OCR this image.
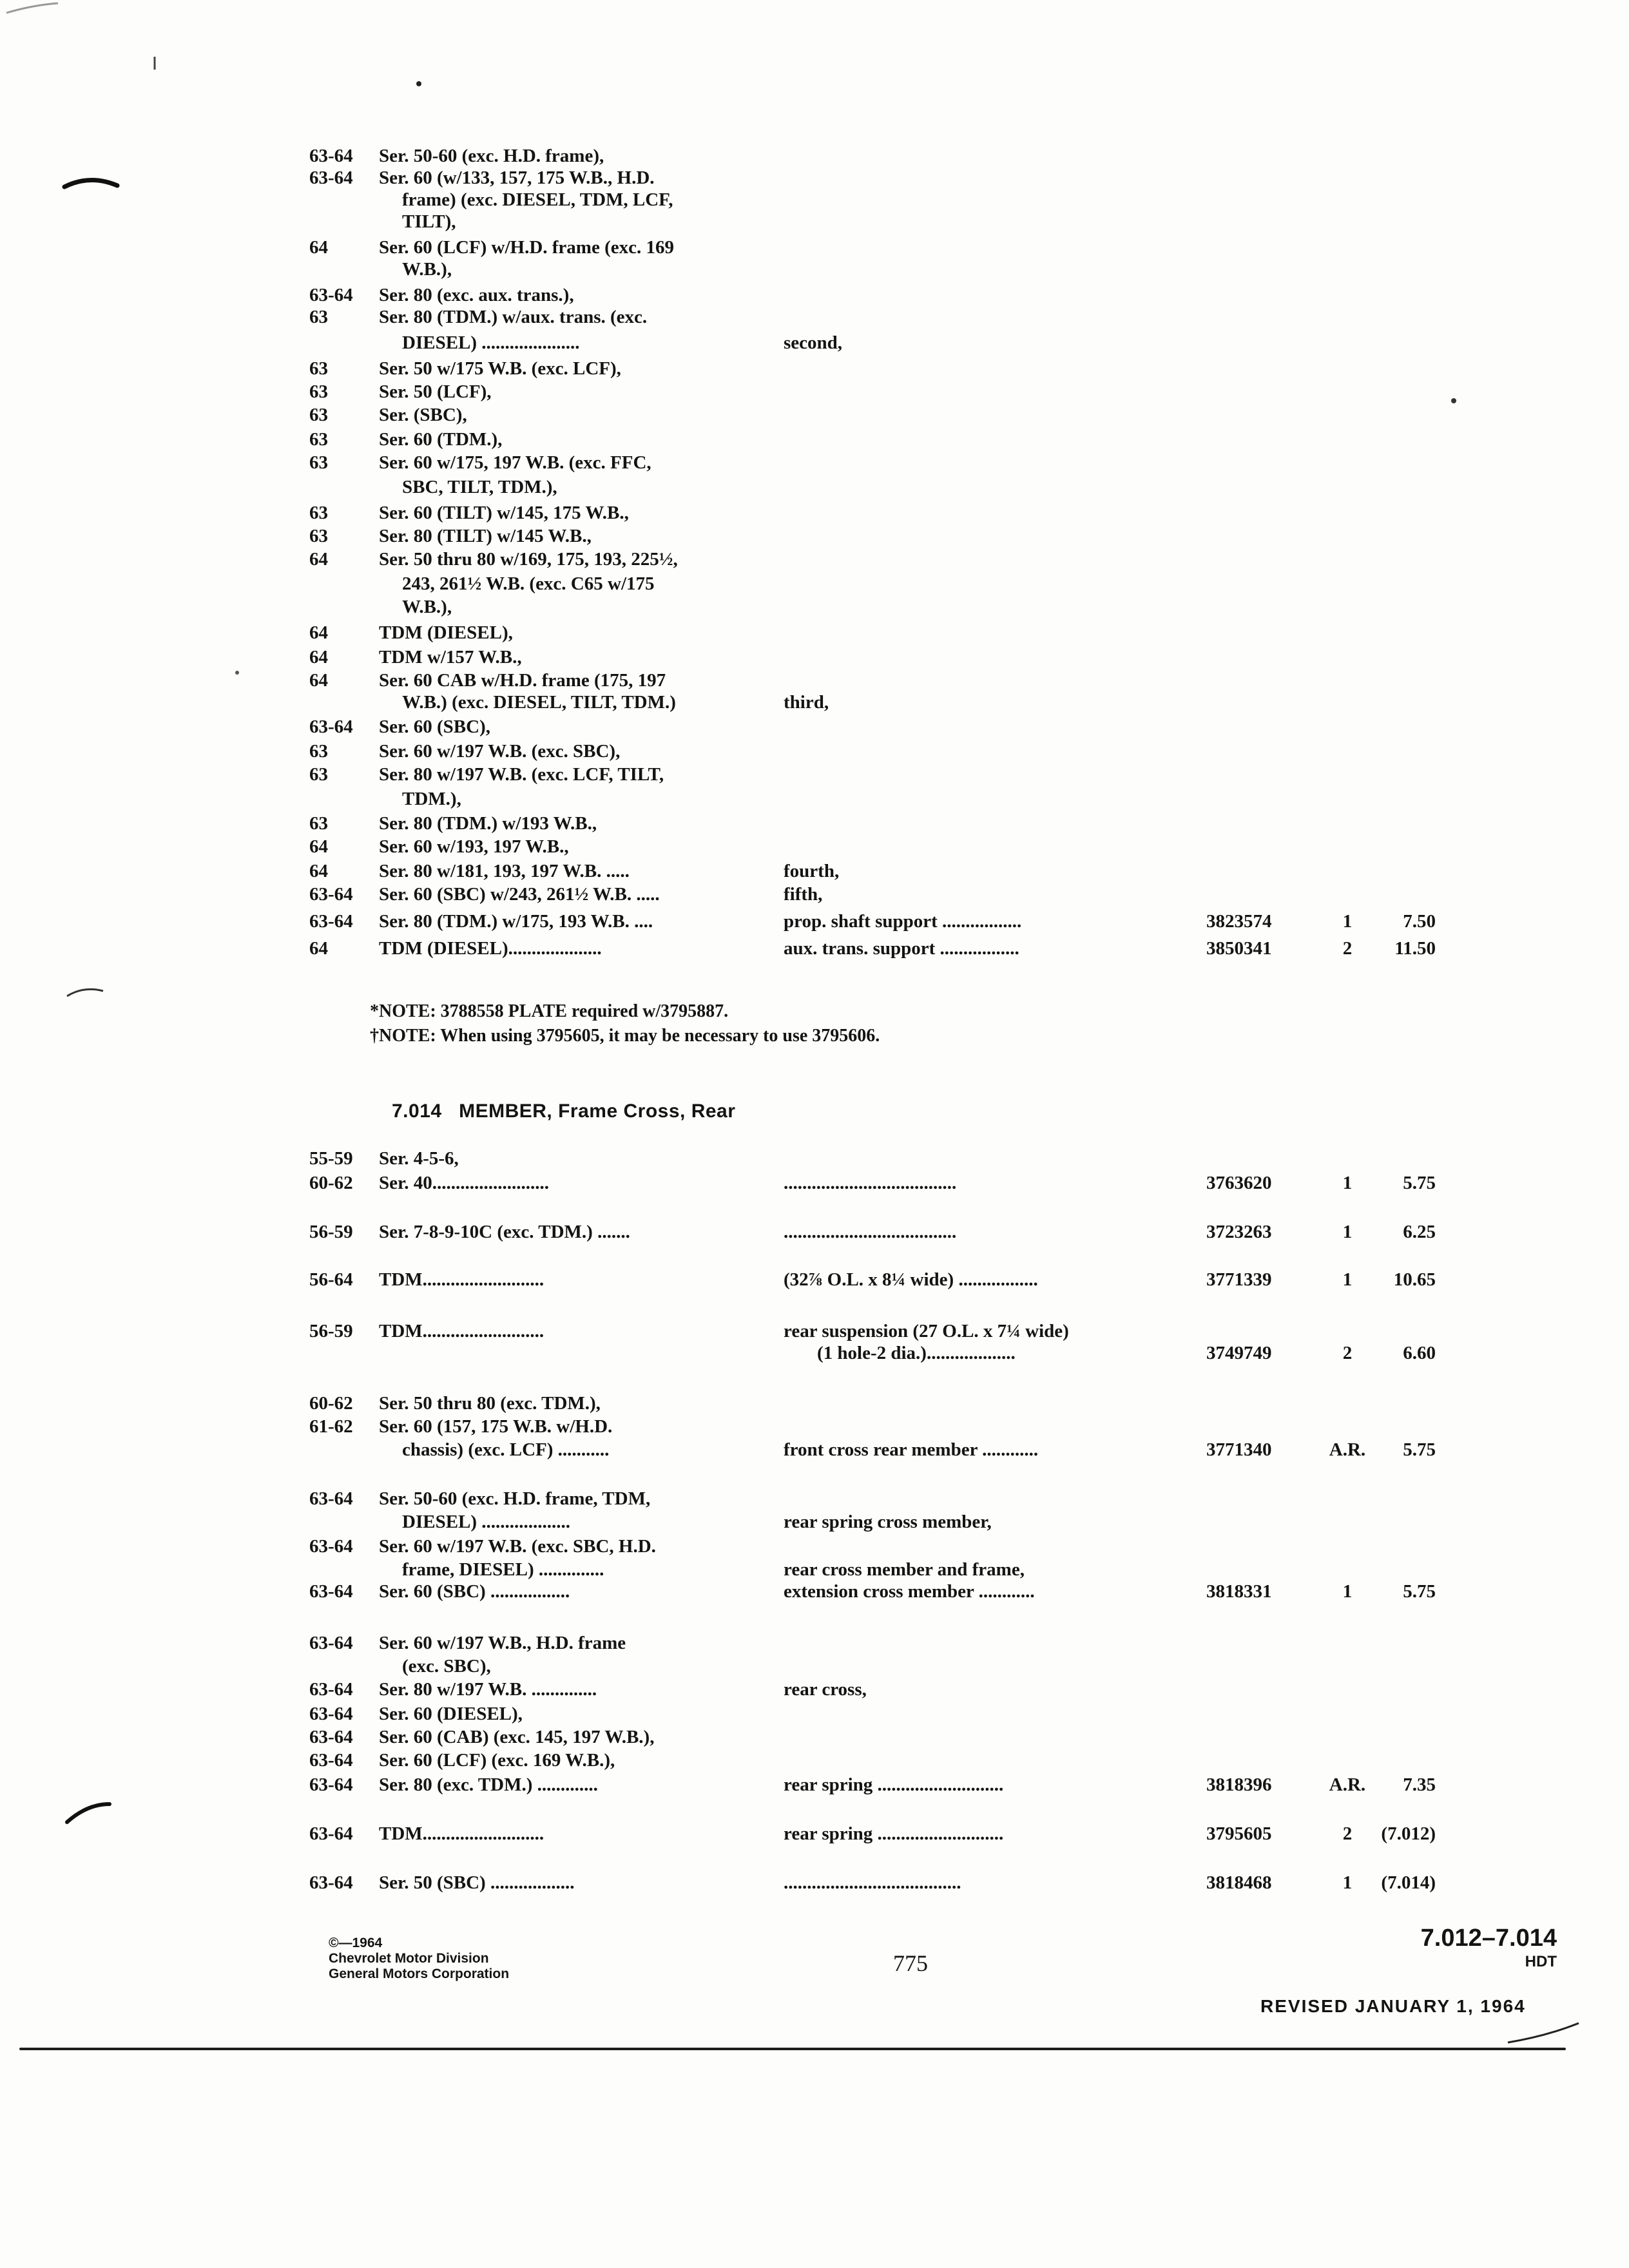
63-64 Ser. 50-60 (exc. H.D. frame),
63-64 Ser. 60 (w/133, 157, 175 W.B., H.D.
frame) (exc. DIESEL, TDM, LCF,
TILT),
64	Ser. 60 (LCF) w/H.D. frame (exc. 169
W.B.),
63-64 Ser. 80 (exc. aux. trans.),
63	Ser. 80 (TDM.) w/aux. trans. (exc.
DIESEL) .....................	second,
63	Ser. 50 w/175 W.B. (exc. LCF),
63	Ser. 50 (LCF),
63	Ser. (SBC),
63	Ser. 60 (TDM.),
63	Ser. 60 w/175, 197 W.B. (exc. FFC,
SBC, TILT, TDM.),
63	Ser. 60 (TILT) w/145, 175 W.B.,
63	Ser. 80 (TILT) w/145 W.B.,
64	Ser. 50 thru 80 w/169, 175, 193, 225½,
243, 261½ W.B. (exc. C65 w/175
W.B.),
64	TDM (DIESEL),
64	TDM w/157 W.B.,
64	Ser. 60 CAB w/H.D. frame (175, 197
W.B.) (exc. DIESEL, TILT, TDM.)	third,
63-64 Ser. 60 (SBC),
63	Ser. 60 w/197 W.B. (exc. SBC),
63	Ser. 80 w/197 W.B. (exc. LCF, TILT,
TDM.),
63	Ser. 80 (TDM.) w/193 W.B.,
64	Ser. 60 w/193, 197 W.B.,
64	Ser. 80 w/181, 193, 197 W.B. .....	fourth,
63-64 Ser. 60 (SBC) w/243, 261½ W.B. .....	fifth,
63-64 Ser. 80 (TDM.) w/175, 193 W.B. ....	prop. shaft support .................	3823574	1	7.50
64	TDM (DIESEL)....................	aux. trans. support .................	3850341	2	11.50
55-59 Ser. 4-5-6,
60-62 Ser. 40.........................	.....................................	3763620	1	5.75
56-59 Ser. 7-8-9-10C (exc. TDM.) .......	.....................................	3723263	1	6.25
56-64 TDM..........................	(32⅞ O.L. x 8¼ wide) .................	3771339	1	10.65
56-59 TDM..........................	rear suspension (27 O.L. x 7¼ wide)
(1 hole-2 dia.)...................	3749749	2	6.60
60-62 Ser. 50 thru 80 (exc. TDM.),
61-62 Ser. 60 (157, 175 W.B. w/H.D.
chassis) (exc. LCF) ...........	front cross rear member ............	3771340	A.R.	5.75
63-64 Ser. 50-60 (exc. H.D. frame, TDM,
DIESEL) ...................	rear spring cross member,
63-64 Ser. 60 w/197 W.B. (exc. SBC, H.D.
frame, DIESEL) ..............	rear cross member and frame,
63-64 Ser. 60 (SBC) .................	extension cross member ............	3818331	1	5.75
63-64 Ser. 60 w/197 W.B., H.D. frame
(exc. SBC),
63-64 Ser. 80 w/197 W.B. ..............	rear cross,
63-64 Ser. 60 (DIESEL),
63-64 Ser. 60 (CAB) (exc. 145, 197 W.B.),
63-64 Ser. 60 (LCF) (exc. 169 W.B.),
63-64 Ser. 80 (exc. TDM.) .............	rear spring ...........................	3818396	A.R.	7.35
63-64 TDM..........................	rear spring ...........................	3795605	2	(7.012)
63-64 Ser. 50 (SBC) ..................	......................................	3818468	1	(7.014)
*NOTE: 3788558 PLATE required w/3795887.
†NOTE: When using 3795605, it may be necessary to use 3795606.
7.014 MEMBER, Frame Cross, Rear
©—1964
Chevrolet Motor Division
General Motors Corporation	775
7.012–7.014
HDT
REVISED JANUARY 1, 1964
